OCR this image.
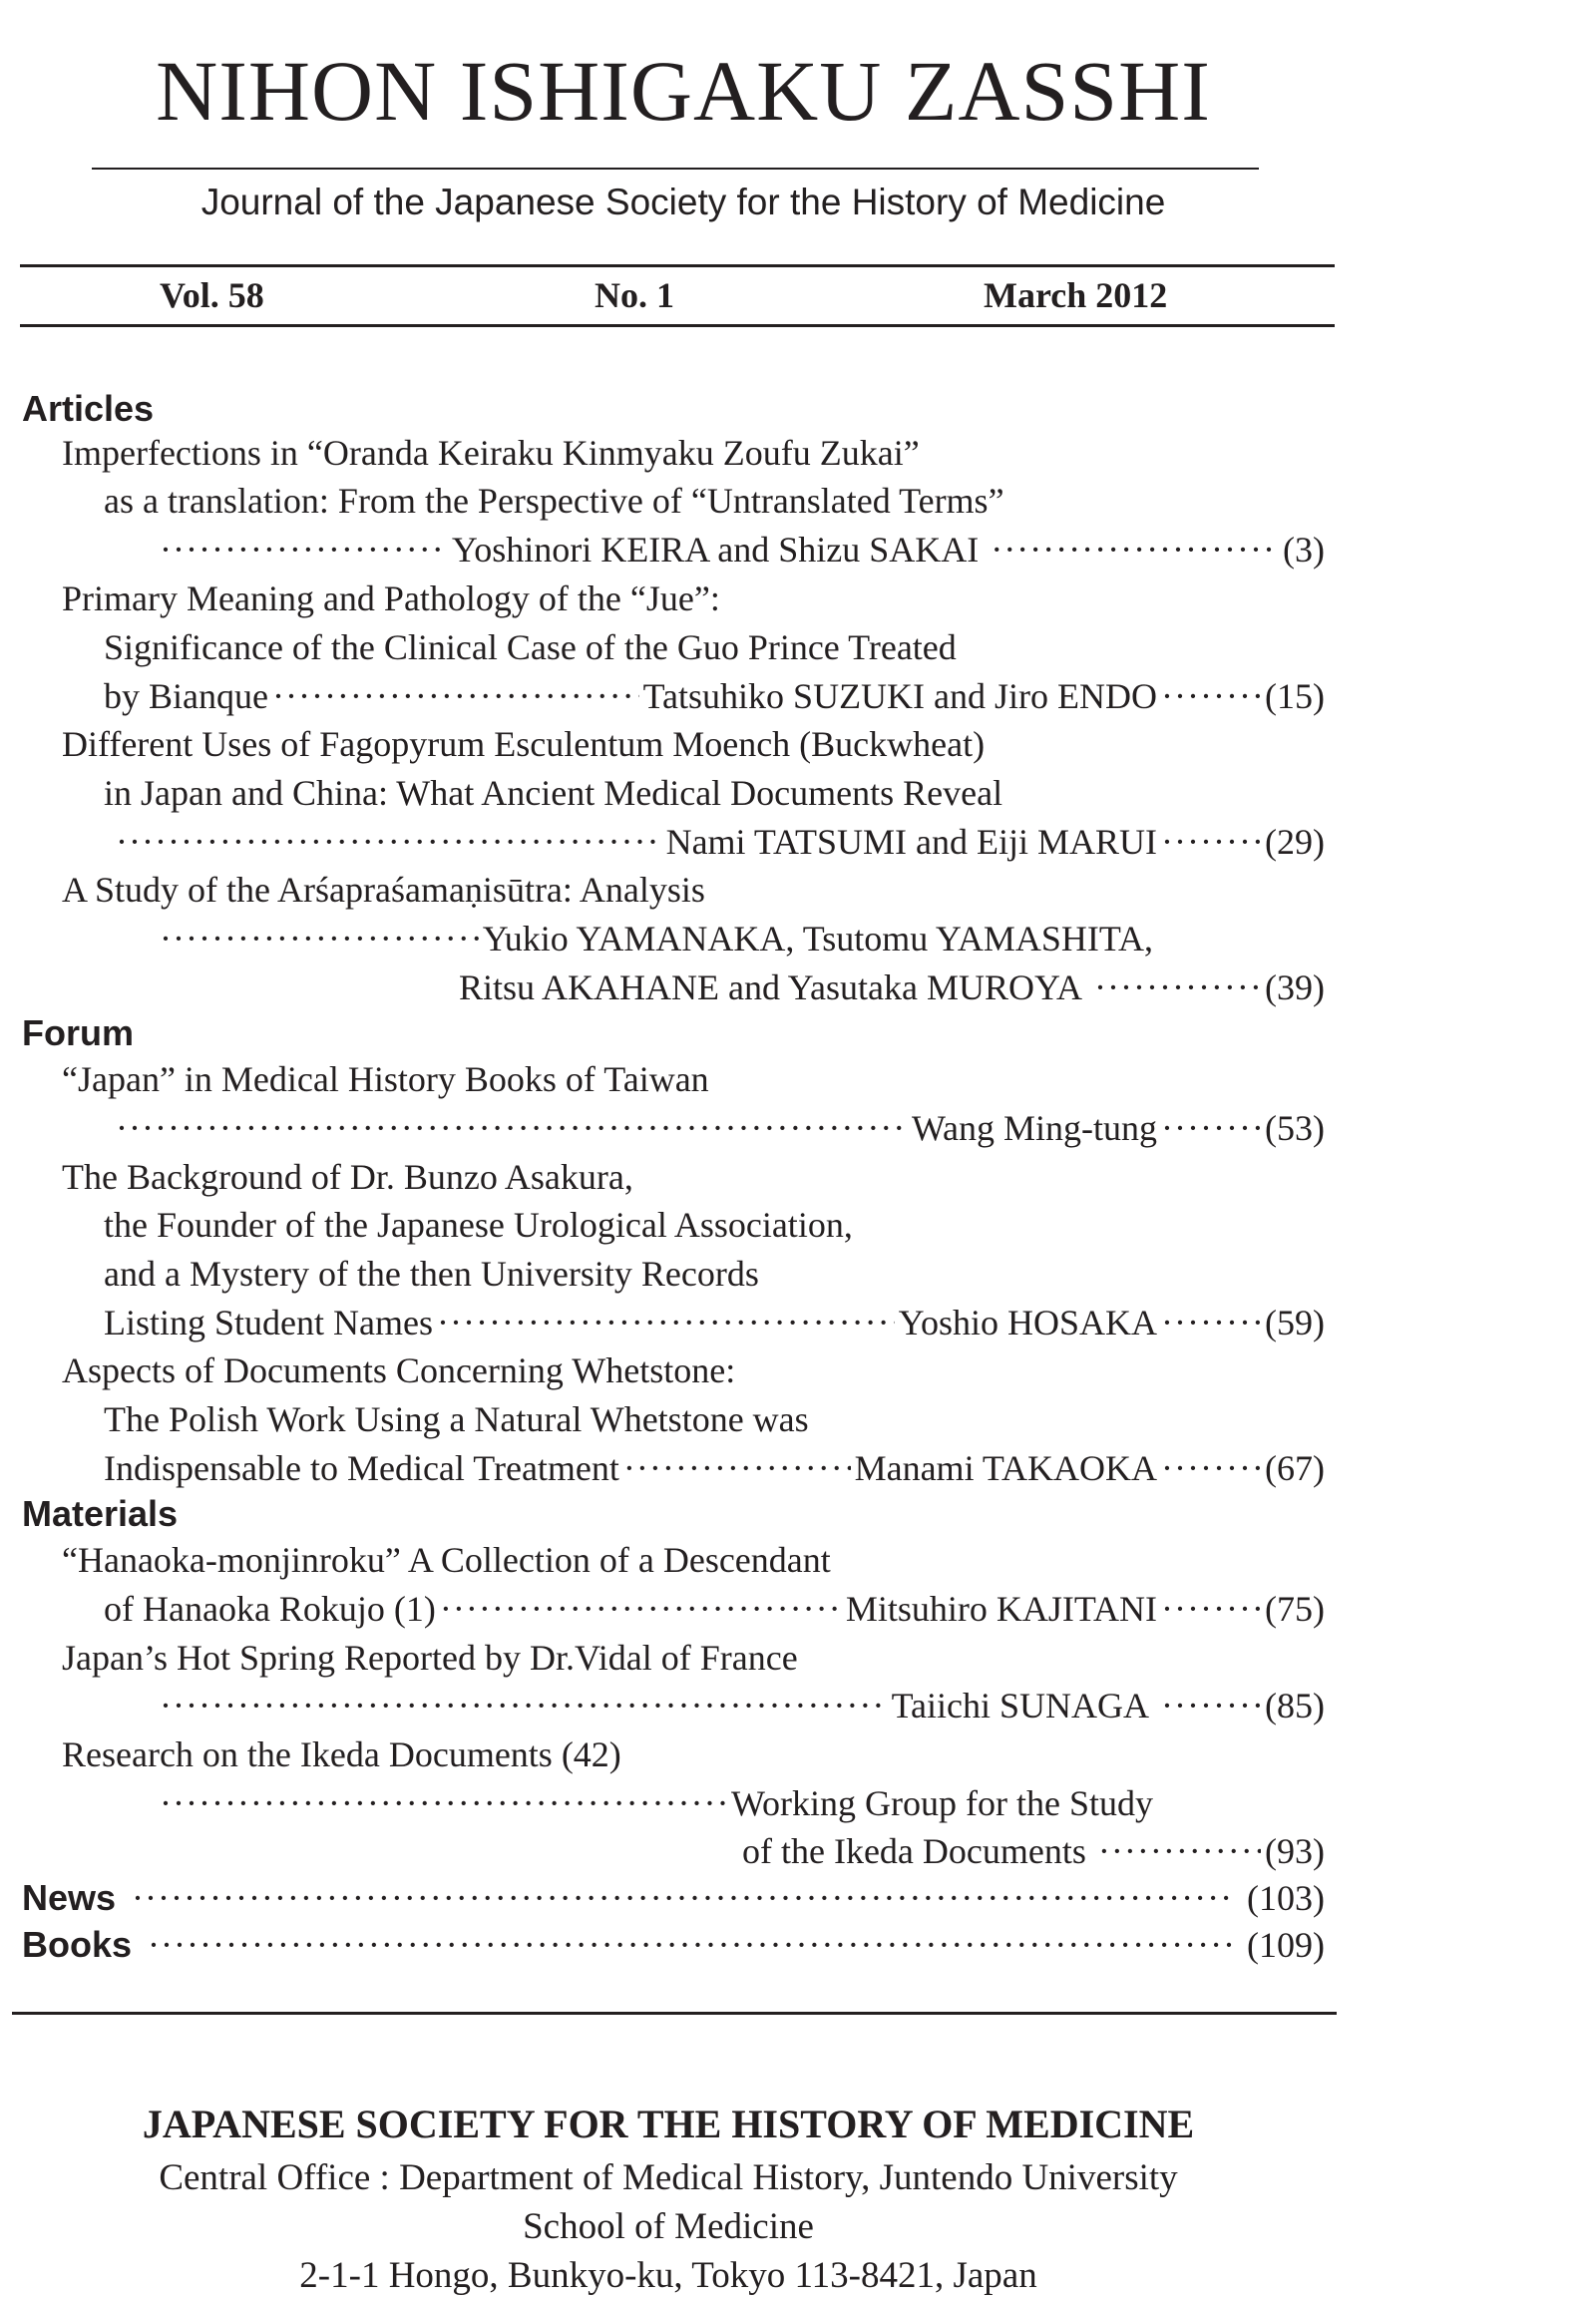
NIHON ISHIGAKU ZASSHI
Journal of the Japanese Society for the History of Medicine
Vol. 58	No. 1	March 2012
Articles
Imperfections in “Oranda Keiraku Kinmyaku Zoufu Zukai”
as a translation: From the Perspective of “Untranslated Terms”
·····
Yoshinori KEIRA and Shizu SAKAI ·····	(3)
Primary Meaning and Pathology of the “Jue”:
Significance of the Clinical Case of the Guo Prince Treated
by Bianque ·····	Tatsuhiko SUZUKI and Jiro ENDO ·····	(15)
Different Uses of Fagopyrum Esculentum Moench (Buckwheat)
in Japan and China: What Ancient Medical Documents Reveal
·····
Nami TATSUMI and Eiji MARUI ·····	(29)
A Study of the Arśapraśamaṇisūtra: Analysis
·····
Yukio YAMANAKA, Tsutomu YAMASHITA,
Ritsu AKAHANE and Yasutaka MUROYA ·····	(39)
Forum
“Japan” in Medical History Books of Taiwan
·····
Wang Ming-tung ·····	(53)
The Background of Dr. Bunzo Asakura,
the Founder of the Japanese Urological Association,
and a Mystery of the then University Records
Listing Student Names ·····	Yoshio HOSAKA ·····	(59)
Aspects of Documents Concerning Whetstone:
The Polish Work Using a Natural Whetstone was
Indispensable to Medical Treatment ·····	Manami TAKAOKA ·····	(67)
Materials
“Hanaoka-monjinroku” A Collection of a Descendant
of Hanaoka Rokujo (1) ·····	Mitsuhiro KAJITANI ·····	(75)
Japan’s Hot Spring Reported by Dr.Vidal of France
·····
Taiichi SUNAGA ·····	(85)
Research on the Ikeda Documents (42)
·····
Working Group for the Study
of the Ikeda Documents ·····	(93)
News ·····	(103)
Books ·····	(109)
JAPANESE SOCIETY FOR THE HISTORY OF MEDICINE
Central Office : Department of Medical History, Juntendo University
School of Medicine
2-1-1 Hongo, Bunkyo-ku, Tokyo 113-8421, Japan
